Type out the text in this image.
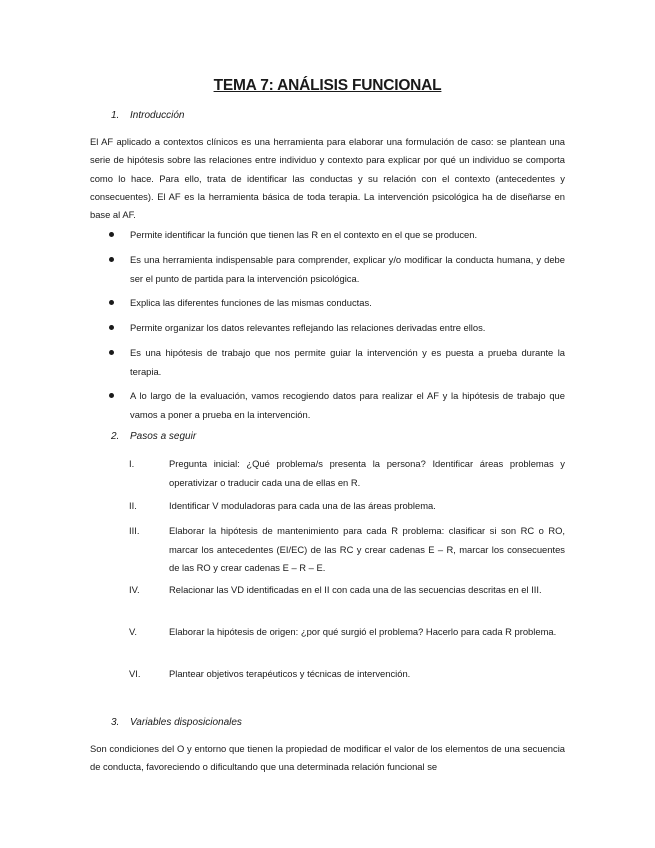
TEMA 7: ANÁLISIS FUNCIONAL
1. Introducción
El AF aplicado a contextos clínicos es una herramienta para elaborar una formulación de caso: se plantean una serie de hipótesis sobre las relaciones entre individuo y contexto para explicar por qué un individuo se comporta como lo hace. Para ello, trata de identificar las conductas y su relación con el contexto (antecedentes y consecuentes). El AF es la herramienta básica de toda terapia. La intervención psicológica ha de diseñarse en base al AF.
Permite identificar la función que tienen las R en el contexto en el que se producen.
Es una herramienta indispensable para comprender, explicar y/o modificar la conducta humana, y debe ser el punto de partida para la intervención psicológica.
Explica las diferentes funciones de las mismas conductas.
Permite organizar los datos relevantes reflejando las relaciones derivadas entre ellos.
Es una hipótesis de trabajo que nos permite guiar la intervención y es puesta a prueba durante la terapia.
A lo largo de la evaluación, vamos recogiendo datos para realizar el AF y la hipótesis de trabajo que vamos a poner a prueba en la intervención.
2. Pasos a seguir
I.	Pregunta inicial: ¿Qué problema/s presenta la persona? Identificar áreas problemas y operativizar o traducir cada una de ellas en R.
II.	Identificar V moduladoras para cada una de las áreas problema.
III.	Elaborar la hipótesis de mantenimiento para cada R problema: clasificar si son RC o RO, marcar los antecedentes (EI/EC) de las RC y crear cadenas E – R, marcar los consecuentes de las RO y crear cadenas E – R – E.
IV.	Relacionar las VD identificadas en el II con cada una de las secuencias descritas en el III.
V.	Elaborar la hipótesis de origen: ¿por qué surgió el problema? Hacerlo para cada R problema.
VI.	Plantear objetivos terapéuticos y técnicas de intervención.
3. Variables disposicionales
Son condiciones del O y entorno que tienen la propiedad de modificar el valor de los elementos de una secuencia de conducta, favoreciendo o dificultando que una determinada relación funcional se
